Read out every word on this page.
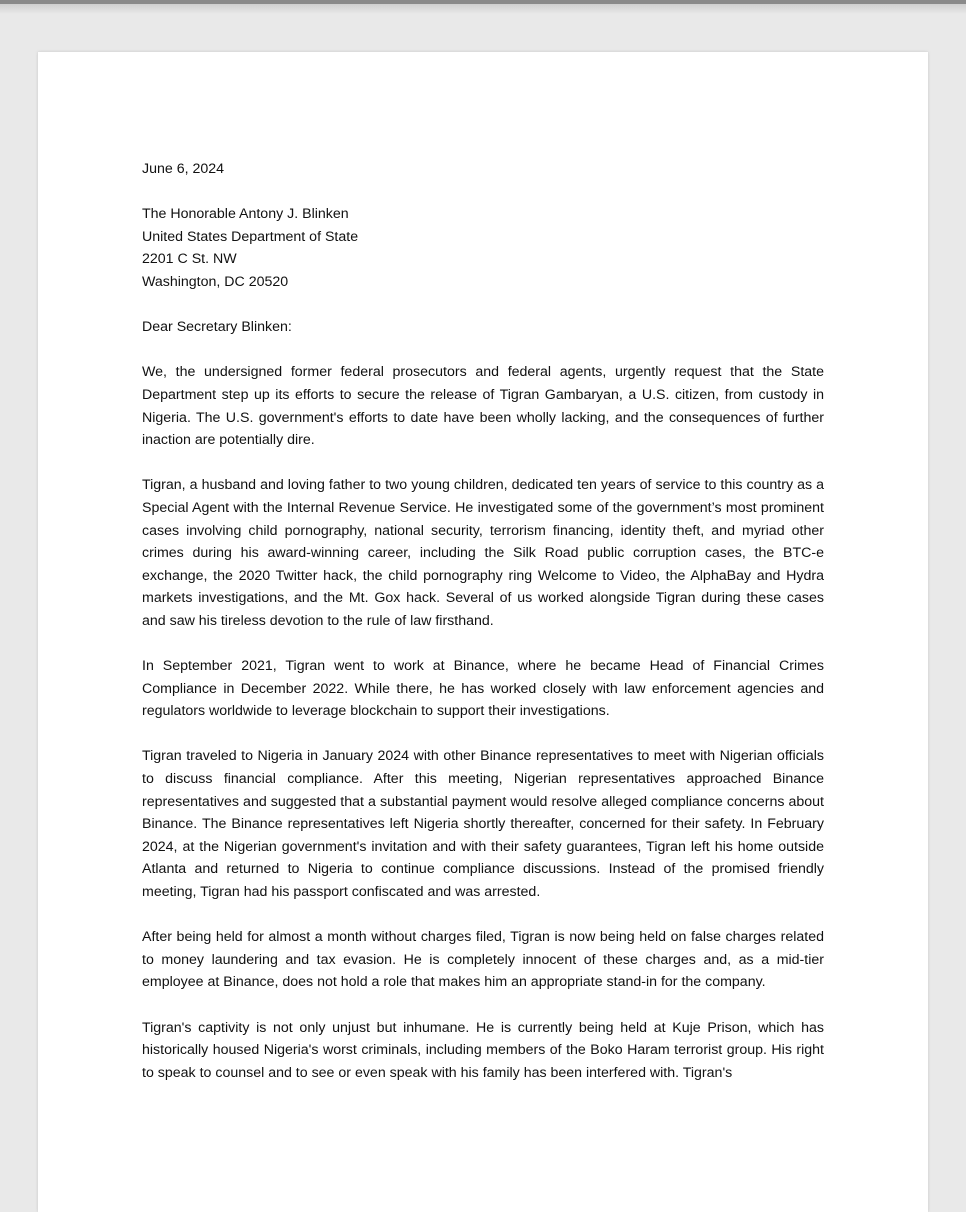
June 6, 2024
The Honorable Antony J. Blinken
United States Department of State
2201 C St. NW
Washington, DC 20520
Dear Secretary Blinken:

We, the undersigned former federal prosecutors and federal agents, urgently request that the State Department step up its efforts to secure the release of Tigran Gambaryan, a U.S. citizen, from custody in Nigeria. The U.S. government's efforts to date have been wholly lacking, and the consequences of further inaction are potentially dire.

Tigran, a husband and loving father to two young children, dedicated ten years of service to this country as a Special Agent with the Internal Revenue Service. He investigated some of the government’s most prominent cases involving child pornography, national security, terrorism financing, identity theft, and myriad other crimes during his award-winning career, including the Silk Road public corruption cases, the BTC-e exchange, the 2020 Twitter hack, the child pornography ring Welcome to Video, the AlphaBay and Hydra markets investigations, and the Mt. Gox hack. Several of us worked alongside Tigran during these cases and saw his tireless devotion to the rule of law firsthand.

In September 2021, Tigran went to work at Binance, where he became Head of Financial Crimes Compliance in December 2022. While there, he has worked closely with law enforcement agencies and regulators worldwide to leverage blockchain to support their investigations.

Tigran traveled to Nigeria in January 2024 with other Binance representatives to meet with Nigerian officials to discuss financial compliance. After this meeting, Nigerian representatives approached Binance representatives and suggested that a substantial payment would resolve alleged compliance concerns about Binance. The Binance representatives left Nigeria shortly thereafter, concerned for their safety. In February 2024, at the Nigerian government's invitation and with their safety guarantees, Tigran left his home outside Atlanta and returned to Nigeria to continue compliance discussions. Instead of the promised friendly meeting, Tigran had his passport confiscated and was arrested.

After being held for almost a month without charges filed, Tigran is now being held on false charges related to money laundering and tax evasion. He is completely innocent of these charges and, as a mid-tier employee at Binance, does not hold a role that makes him an appropriate stand-in for the company.

Tigran's captivity is not only unjust but inhumane. He is currently being held at Kuje Prison, which has historically housed Nigeria's worst criminals, including members of the Boko Haram terrorist group. His right to speak to counsel and to see or even speak with his family has been interfered with. Tigran's
